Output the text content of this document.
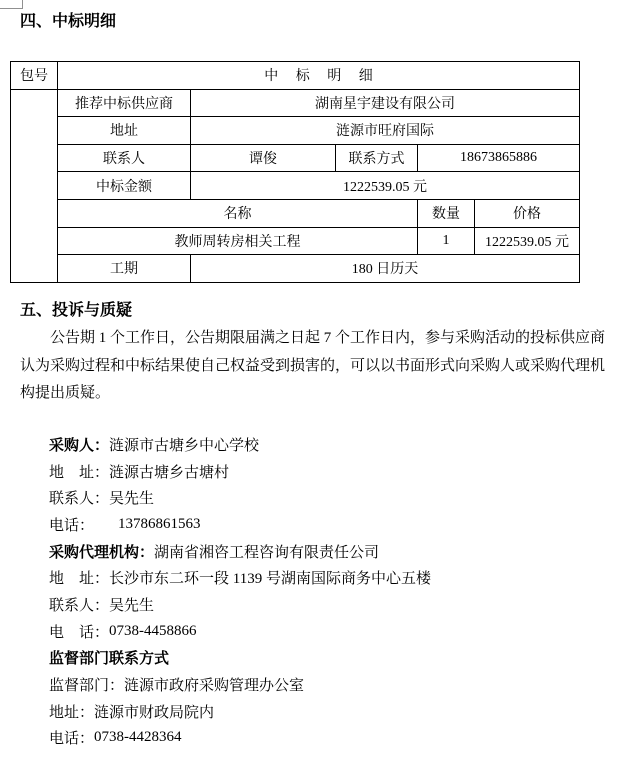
四、中标明细
包号	中 标 明 细				
	推荐中标供应商	湖南星宇建设有限公司			
	地址	涟源市旺府国际			
	联系人	谭俊	联系方式	18673865886	
	中标金额	1222539.05 元			
	名称			数量	价格
	教师周转房相关工程			1	1222539.05 元
	工期	180 日历天			
五、投诉与质疑
公告期 1 个工作日，公告期限届满之日起 7 个工作日内，参与采购活动的投标供应商认为采购过程和中标结果使自己权益受到损害的，可以以书面形式向采购人或采购代理机构提出质疑。
采购人： 涟源市古塘乡中心学校
地　址： 涟源古塘乡古塘村
联系人： 吴先生
电话：	13786861563
采购代理机构： 湖南省湘咨工程咨询有限责任公司
地　址： 长沙市东二环一段 1139 号湖南国际商务中心五楼
联系人： 吴先生
电　话： 0738-4458866
监督部门联系方式
监督部门： 涟源市政府采购管理办公室
地址： 涟源市财政局院内
电话： 0738-4428364
